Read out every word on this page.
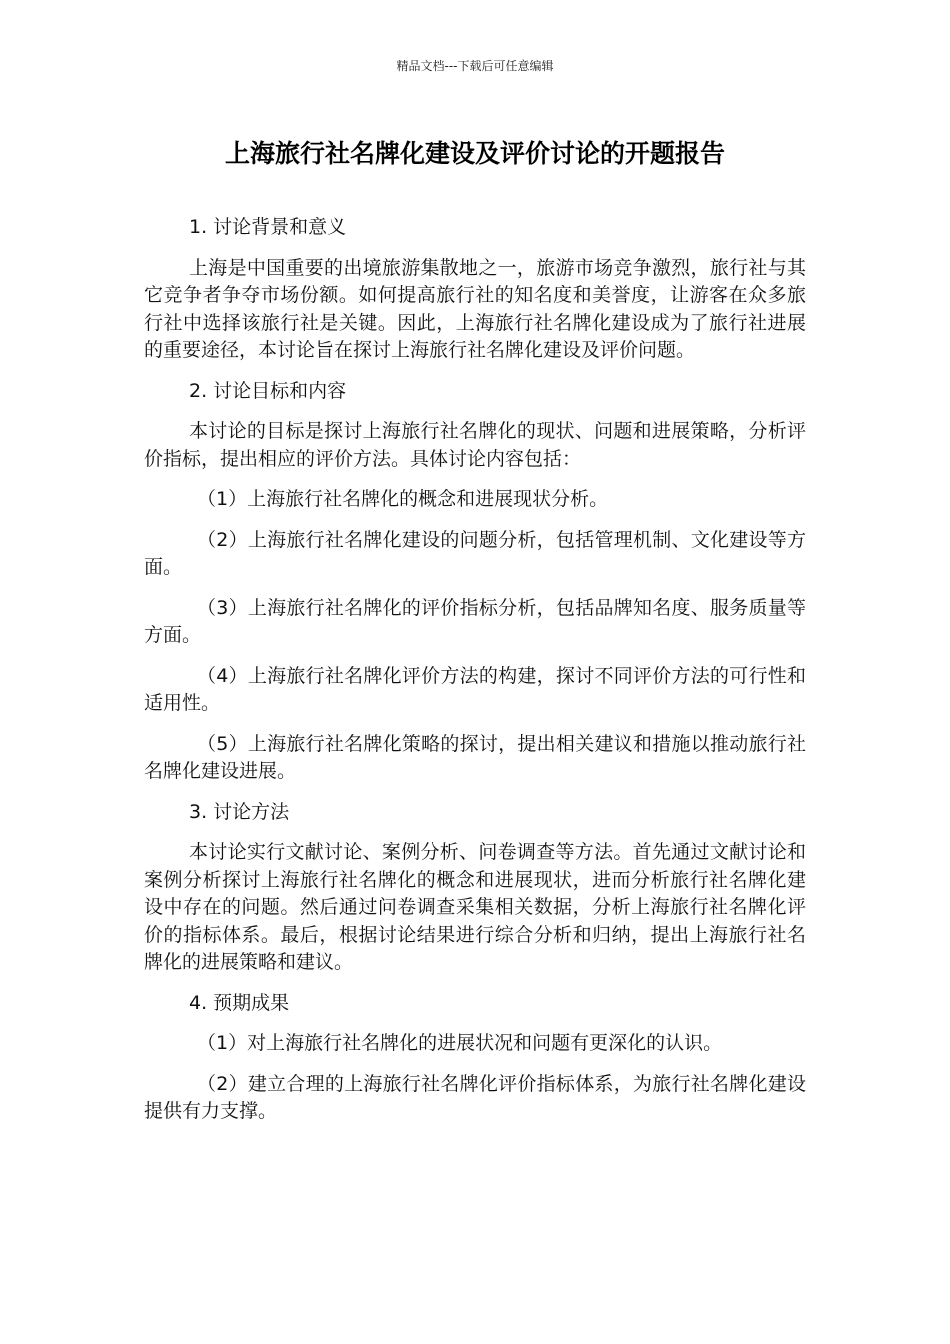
精品文档---下载后可任意编辑
上海旅行社名牌化建设及评价讨论的开题报告

1. 讨论背景和意义

上海是中国重要的出境旅游集散地之一，旅游市场竞争激烈，旅行社与其它竞争者争夺市场份额。如何提高旅行社的知名度和美誉度，让游客在众多旅行社中选择该旅行社是关键。因此，上海旅行社名牌化建设成为了旅行社进展的重要途径，本讨论旨在探讨上海旅行社名牌化建设及评价问题。

2. 讨论目标和内容

本讨论的目标是探讨上海旅行社名牌化的现状、问题和进展策略，分析评价指标，提出相应的评价方法。具体讨论内容包括：

（1）上海旅行社名牌化的概念和进展现状分析。

（2）上海旅行社名牌化建设的问题分析，包括管理机制、文化建设等方面。

（3）上海旅行社名牌化的评价指标分析，包括品牌知名度、服务质量等方面。

（4）上海旅行社名牌化评价方法的构建，探讨不同评价方法的可行性和适用性。

（5）上海旅行社名牌化策略的探讨，提出相关建议和措施以推动旅行社名牌化建设进展。

3. 讨论方法

本讨论实行文献讨论、案例分析、问卷调查等方法。首先通过文献讨论和案例分析探讨上海旅行社名牌化的概念和进展现状，进而分析旅行社名牌化建设中存在的问题。然后通过问卷调查采集相关数据，分析上海旅行社名牌化评价的指标体系。最后，根据讨论结果进行综合分析和归纳，提出上海旅行社名牌化的进展策略和建议。

4. 预期成果

（1）对上海旅行社名牌化的进展状况和问题有更深化的认识。

（2）建立合理的上海旅行社名牌化评价指标体系，为旅行社名牌化建设提供有力支撑。
